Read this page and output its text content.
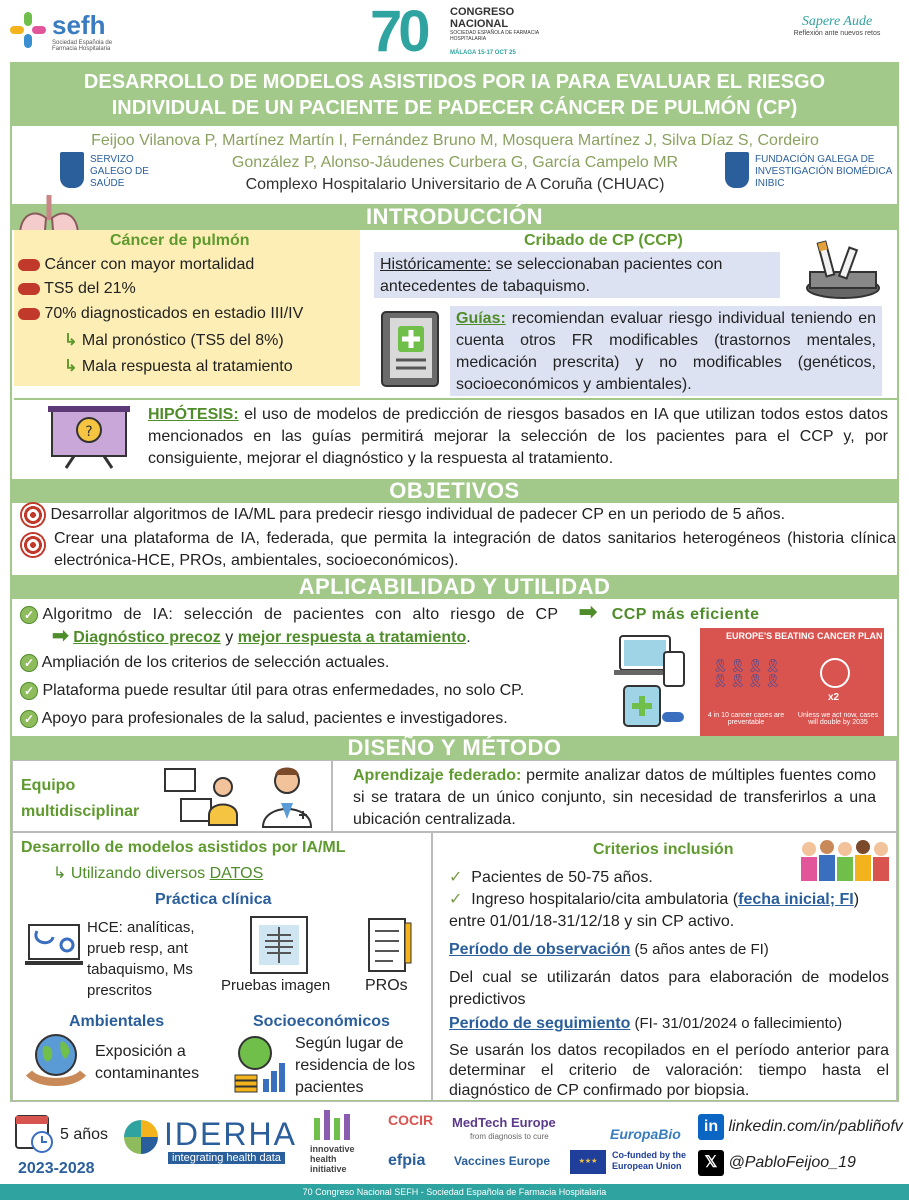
sefh
Sociedad Española de Farmacia Hospitalaria	70 CONGRESO NACIONAL
SOCIEDAD ESPAÑOLA DE FARMACIA HOSPITALARIA
MÁLAGA 15-17 OCT 25
Sapere Aude
Reflexión ante nuevos retos
DESARROLLO DE MODELOS ASISTIDOS POR IA PARA EVALUAR EL RIESGO
INDIVIDUAL DE UN PACIENTE DE PADECER CÁNCER DE PULMÓN (CP)
Feijoo Vilanova P, Martínez Martín I, Fernández Bruno M, Mosquera Martínez J, Silva Díaz S, Cordeiro
González P, Alonso-Jáudenes Curbera G, García Campelo MR
Complexo Hospitalario Universitario de A Coruña (CHUAC)
SERVIZO GALEGO DE SAÚDE
FUNDACIÓN GALEGA DE INVESTIGACIÓN BIOMÉDICA INIBIC
INTRODUCCIÓN
Cáncer de pulmón
Cáncer con mayor mortalidad
TS5 del 21%
70% diagnosticados en estadio III/IV
↳ Mal pronóstico (TS5 del 8%)
↳ Mala respuesta al tratamiento
Cribado de CP (CCP)
Históricamente: se seleccionaban pacientes con antecedentes de tabaquismo.
Guías: recomiendan evaluar riesgo individual teniendo en cuenta otros FR modificables (trastornos mentales, medicación prescrita) y no modificables (genéticos, socioeconómicos y ambientales).
?
HIPÓTESIS: el uso de modelos de predicción de riesgos basados en IA que utilizan todos estos datos mencionados en las guías permitirá mejorar la selección de los pacientes para el CCP y, por consiguiente, mejorar el diagnóstico y la respuesta al tratamiento.
OBJETIVOS
Desarrollar algoritmos de IA/ML para predecir riesgo individual de padecer CP en un periodo de 5 años.
Crear una plataforma de IA, federada, que permita la integración de datos sanitarios heterogéneos (historia clínica electrónica-HCE, PROs, ambientales, socioeconómicos).
APLICABILIDAD Y UTILIDAD
✓ Algoritmo de IA: selección de pacientes con alto riesgo de CP ➡ CCP más eficiente
➡ Diagnóstico precoz y mejor respuesta a tratamiento.
✓ Ampliación de los criterios de selección actuales.
✓ Plataforma puede resultar útil para otras enfermedades, no solo CP.
✓ Apoyo para profesionales de la salud, pacientes e investigadores.
EUROPE'S BEATING CANCER PLAN
🎗🎗🎗🎗
🎗🎗🎗🎗
4 in 10 cancer cases are preventable
x2
Unless we act now, cases will double by 2035
DISEÑO Y MÉTODO
Equipo multidisciplinar
Aprendizaje federado: permite analizar datos de múltiples fuentes como si se tratara de un único conjunto, sin necesidad de transferirlos a una ubicación centralizada.
Desarrollo de modelos asistidos por IA/ML
↳ Utilizando diversos DATOS
Práctica clínica
HCE: analíticas, prueb resp, ant tabaquismo, Ms prescritos	Pruebas imagen PROs
Ambientales
Exposición a contaminantes
Socioeconómicos
Según lugar de residencia de los pacientes
Criterios inclusión
✓ Pacientes de 50-75 años.
✓ Ingreso hospitalario/cita ambulatoria (fecha inicial; FI) entre 01/01/18-31/12/18 y sin CP activo.
Período de observación (5 años antes de FI)
Del cual se utilizarán datos para elaboración de modelos predictivos
Período de seguimiento (FI- 31/01/2024 o fallecimiento)
Se usarán los datos recopilados en el período anterior para determinar el criterio de valoración: tiempo hasta el diagnóstico de CP confirmado por biopsia.
5 años
2023-2028
IDERHA
integrating health data
innovative health initiative
COCIR
efpia
MedTech Europe
from diagnosis to cure
Vaccines Europe
EuropaBio
★★★
Co-funded by the European Union
in linkedin.com/in/pabliñofv
𝕏 @PabloFeijoo_19
70 Congreso Nacional SEFH - Sociedad Española de Farmacia Hospitalaria
